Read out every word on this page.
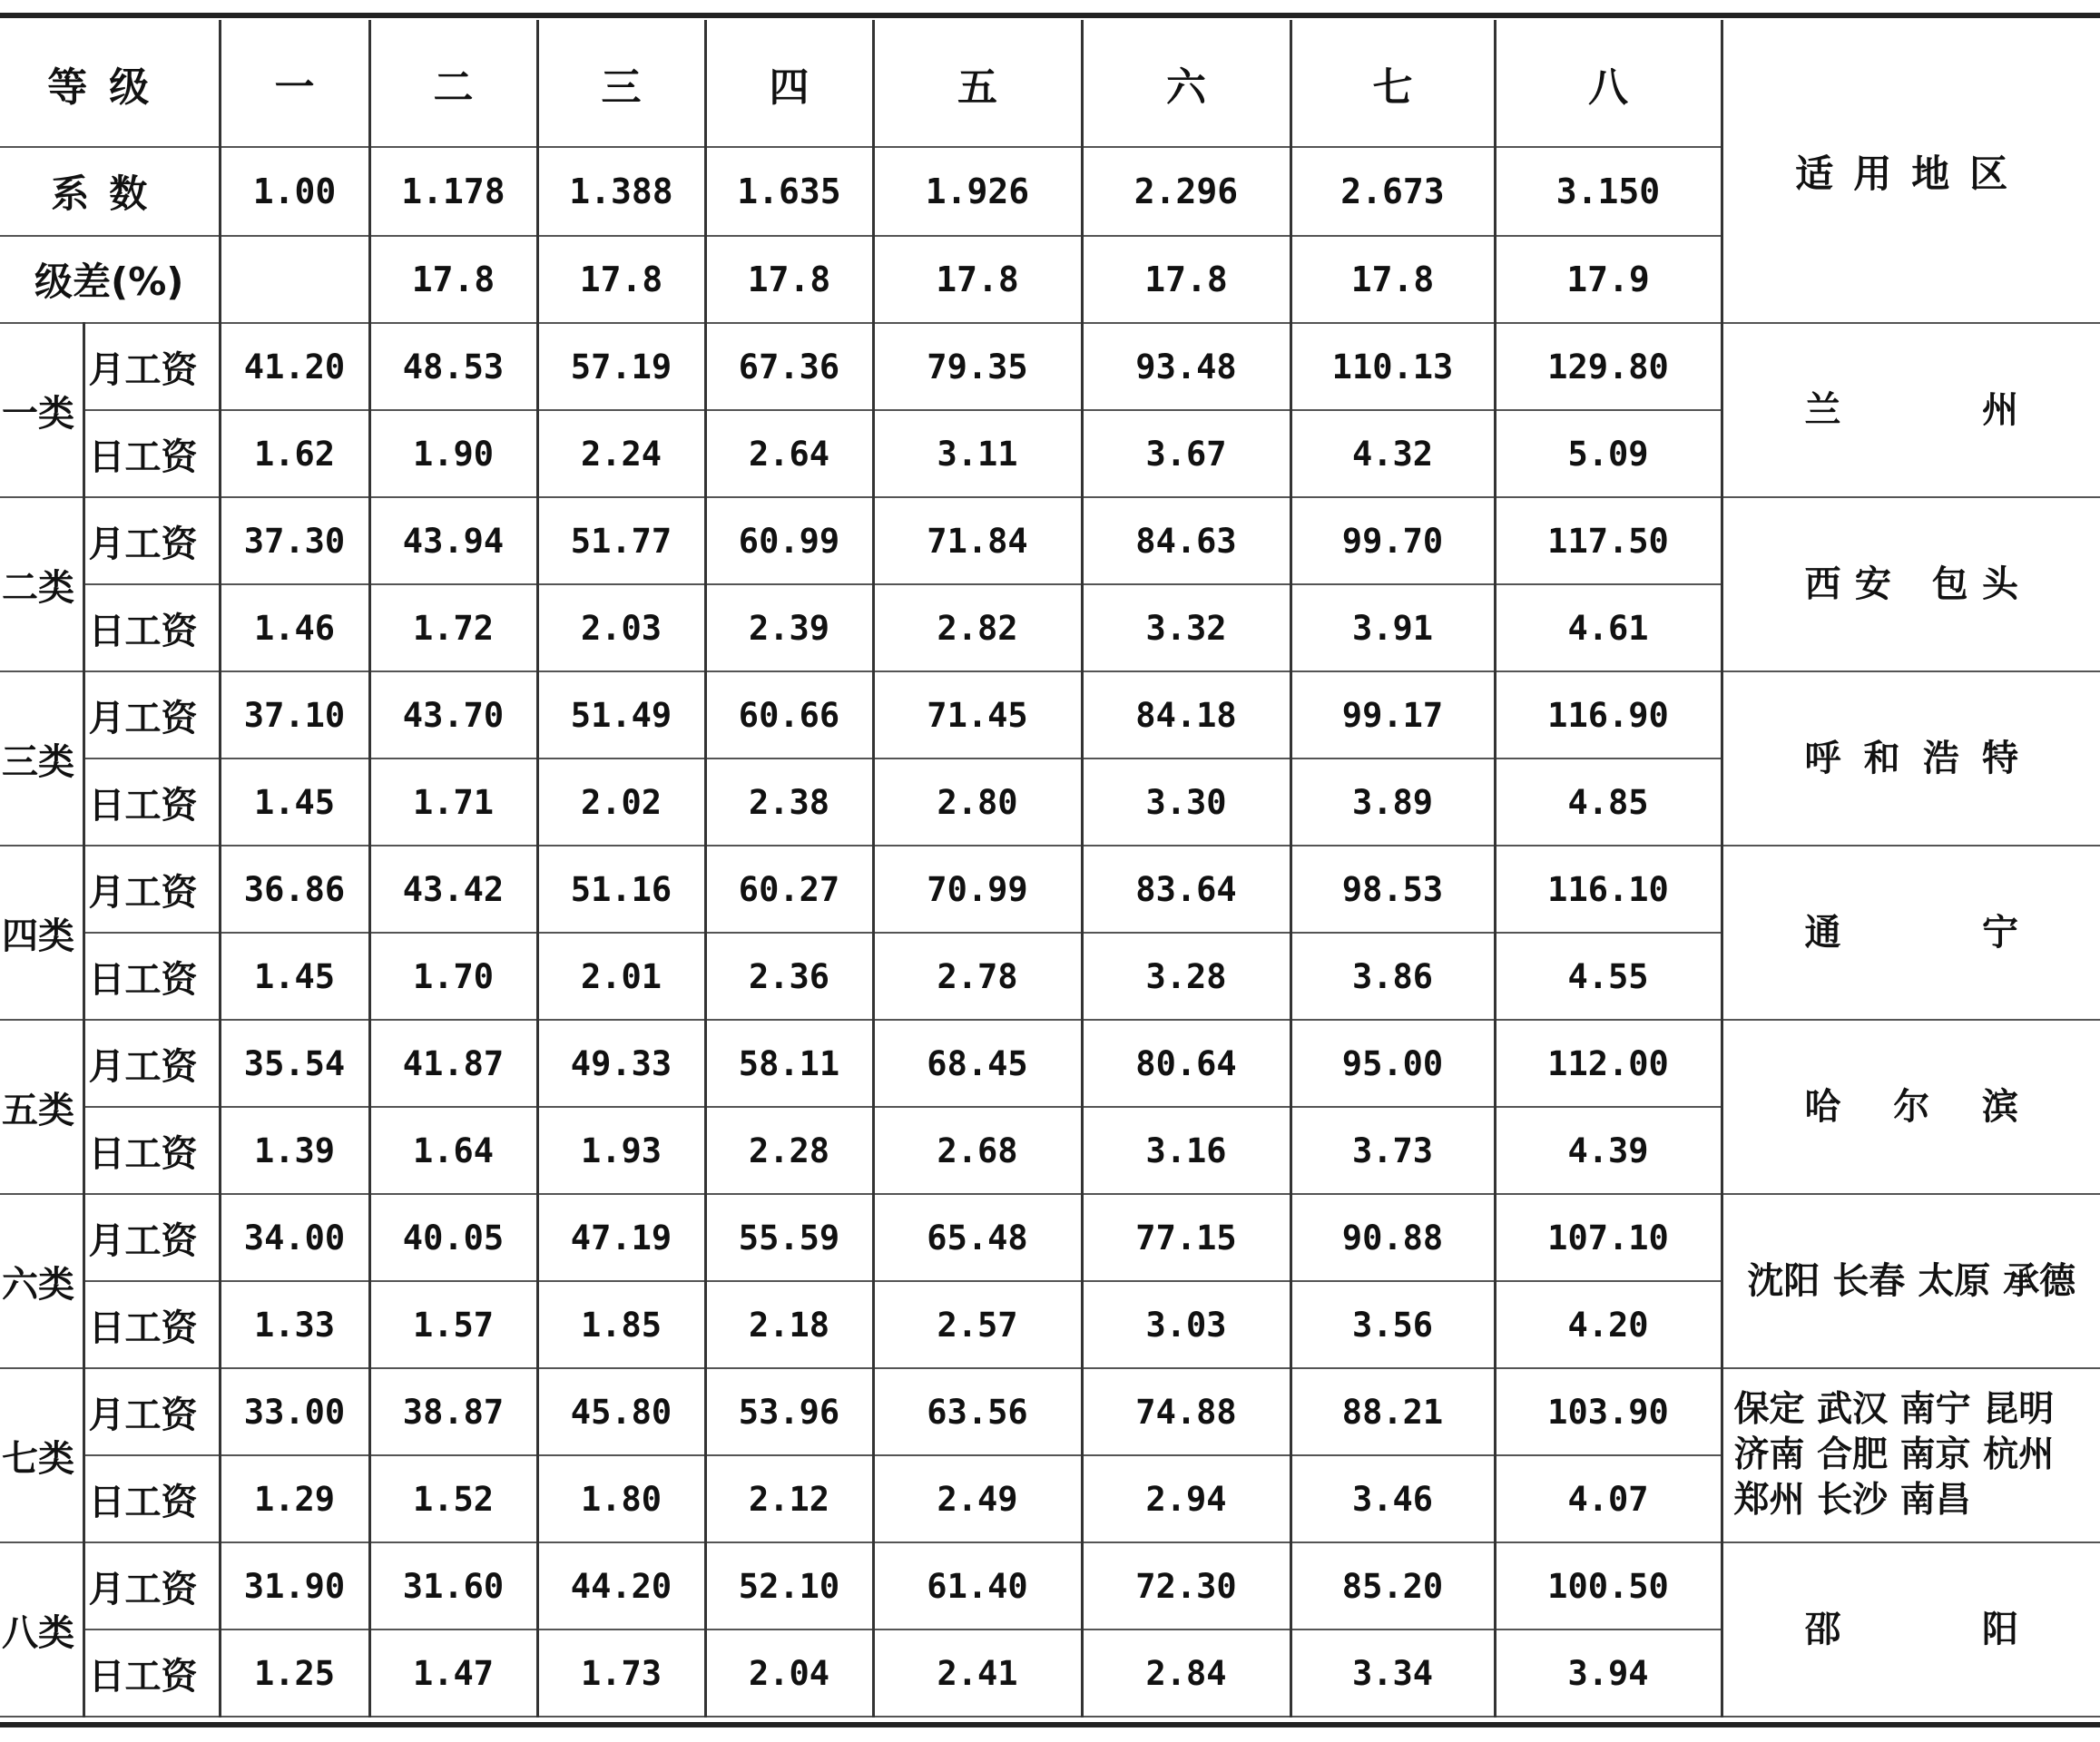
等级		一	二	三	四	五	六	七	八	适用地区
系数		1.00	1.178	1.388	1.635	1.926	2.296	2.673	3.150	
级差(%)			17.8	17.8	17.8	17.8	17.8	17.8	17.9	
一类	月工资	41.20	48.53	57.19	67.36	79.35	93.48	110.13	129.80	兰 州
	日工资	1.62	1.90	2.24	2.64	3.11	3.67	4.32	5.09	
二类	月工资	37.30	43.94	51.77	60.99	71.84	84.63	99.70	117.50	西安 包头
	日工资	1.46	1.72	2.03	2.39	2.82	3.32	3.91	4.61	
三类	月工资	37.10	43.70	51.49	60.66	71.45	84.18	99.17	116.90	呼 和 浩 特
	日工资	1.45	1.71	2.02	2.38	2.80	3.30	3.89	4.85	
四类	月工资	36.86	43.42	51.16	60.27	70.99	83.64	98.53	116.10	通 宁
	日工资	1.45	1.70	2.01	2.36	2.78	3.28	3.86	4.55	
五类	月工资	35.54	41.87	49.33	58.11	68.45	80.64	95.00	112.00	哈 尔 滨
	日工资	1.39	1.64	1.93	2.28	2.68	3.16	3.73	4.39	
六类	月工资	34.00	40.05	47.19	55.59	65.48	77.15	90.88	107.10	沈阳 长春 太原 承德
	日工资	1.33	1.57	1.85	2.18	2.57	3.03	3.56	4.20	
七类	月工资	33.00	38.87	45.80	53.96	63.56	74.88	88.21	103.90	保定 武汉 南宁 昆明 济南 合肥 南京 杭州 郑州 长沙 南昌
	日工资	1.29	1.52	1.80	2.12	2.49	2.94	3.46	4.07	
八类	月工资	31.90	31.60	44.20	52.10	61.40	72.30	85.20	100.50	邵 阳
	日工资	1.25	1.47	1.73	2.04	2.41	2.84	3.34	3.94	
